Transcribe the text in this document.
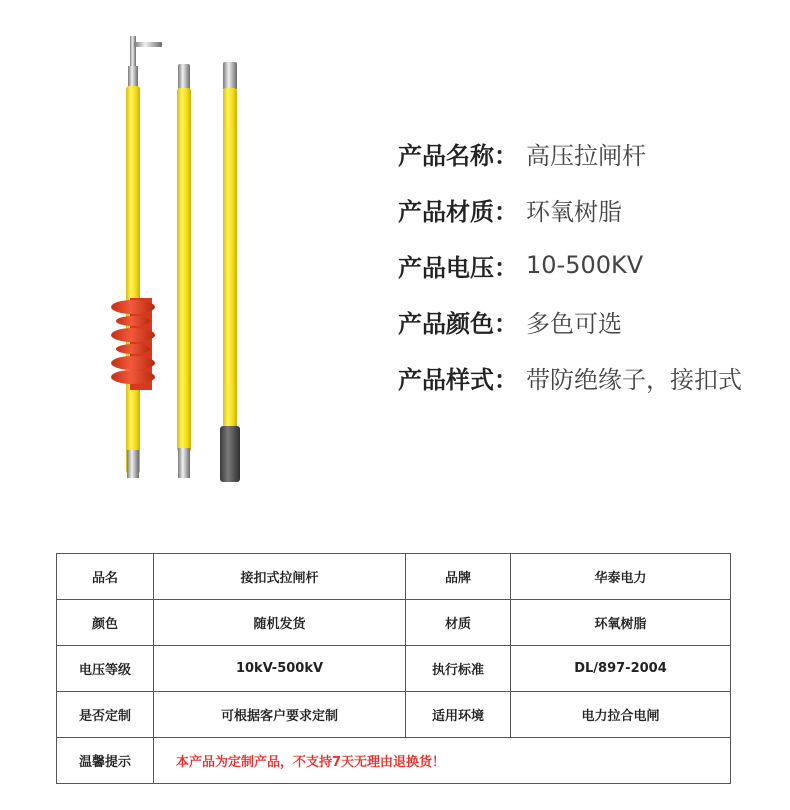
产品名称 ： 高压拉闸杆
产品材质 ： 环氧树脂
产品电压 ： 10-500KV
产品颜色 ： 多色可选
产品样式 ： 带防绝缘子，接扣式
品名	接扣式拉闸杆	品牌	华泰电力
颜色	随机发货	材质	环氧树脂
电压等级	10kV-500kV	执行标准	DL/897-2004
是否定制	可根据客户要求定制	适用环境	电力拉合电闸
温馨提示	本产品为定制产品，不支持7天无理由退换货！		
